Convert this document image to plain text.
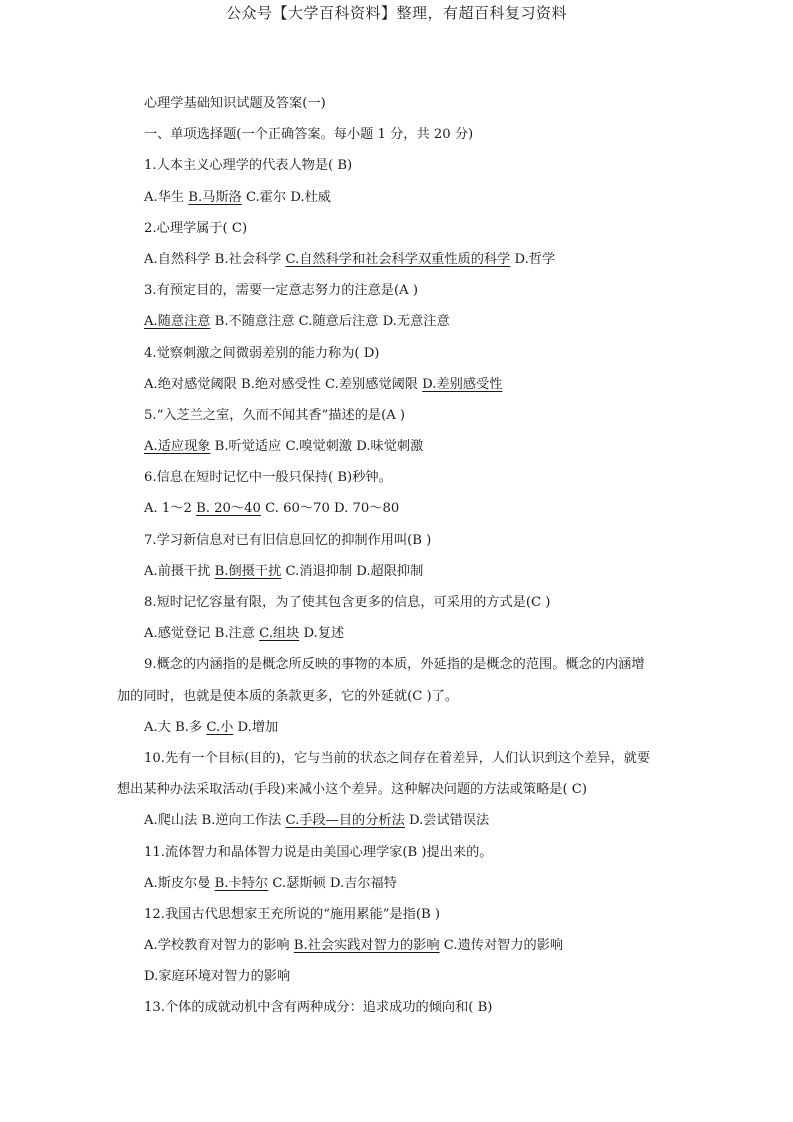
公众号【大学百科资料】整理，有超百科复习资料
心理学基础知识试题及答案(一)
一、单项选择题(一个正确答案。每小题 1 分，共 20 分)
1.人本主义心理学的代表人物是( B)
A.华生 B.马斯洛 C.霍尔 D.杜威
2.心理学属于( C)
A.自然科学 B.社会科学 C.自然科学和社会科学双重性质的科学 D.哲学
3.有预定目的，需要一定意志努力的注意是(A )
A.随意注意 B.不随意注意 C.随意后注意 D.无意注意
4.觉察刺激之间微弱差别的能力称为( D)
A.绝对感觉阈限 B.绝对感受性 C.差别感觉阈限 D.差别感受性
5.“入芝兰之室，久而不闻其香”描述的是(A )
A.适应现象 B.听觉适应 C.嗅觉刺激 D.味觉刺激
6.信息在短时记忆中一般只保持( B)秒钟。
A. 1～2 B. 20～40 C. 60～70 D. 70～80
7.学习新信息对已有旧信息回忆的抑制作用叫(B )
A.前摄干扰 B.倒摄干扰 C.消退抑制 D.超限抑制
8.短时记忆容量有限，为了使其包含更多的信息，可采用的方式是(C )
A.感觉登记 B.注意 C.组块 D.复述
9.概念的内涵指的是概念所反映的事物的本质，外延指的是概念的范围。概念的内涵增
加的同时，也就是使本质的条款更多，它的外延就(C )了。
A.大 B.多 C.小 D.增加
10.先有一个目标(目的)，它与当前的状态之间存在着差异，人们认识到这个差异，就要
想出某种办法采取活动(手段)来减小这个差异。这种解决问题的方法或策略是( C)
A.爬山法 B.逆向工作法 C.手段—目的分析法 D.尝试错误法
11.流体智力和晶体智力说是由美国心理学家(B )提出来的。
A.斯皮尔曼 B.卡特尔 C.瑟斯顿 D.吉尔福特
12.我国古代思想家王充所说的“施用累能”是指(B )
A.学校教育对智力的影响 B.社会实践对智力的影响 C.遗传对智力的影响
D.家庭环境对智力的影响
13.个体的成就动机中含有两种成分：追求成功的倾向和( B)
